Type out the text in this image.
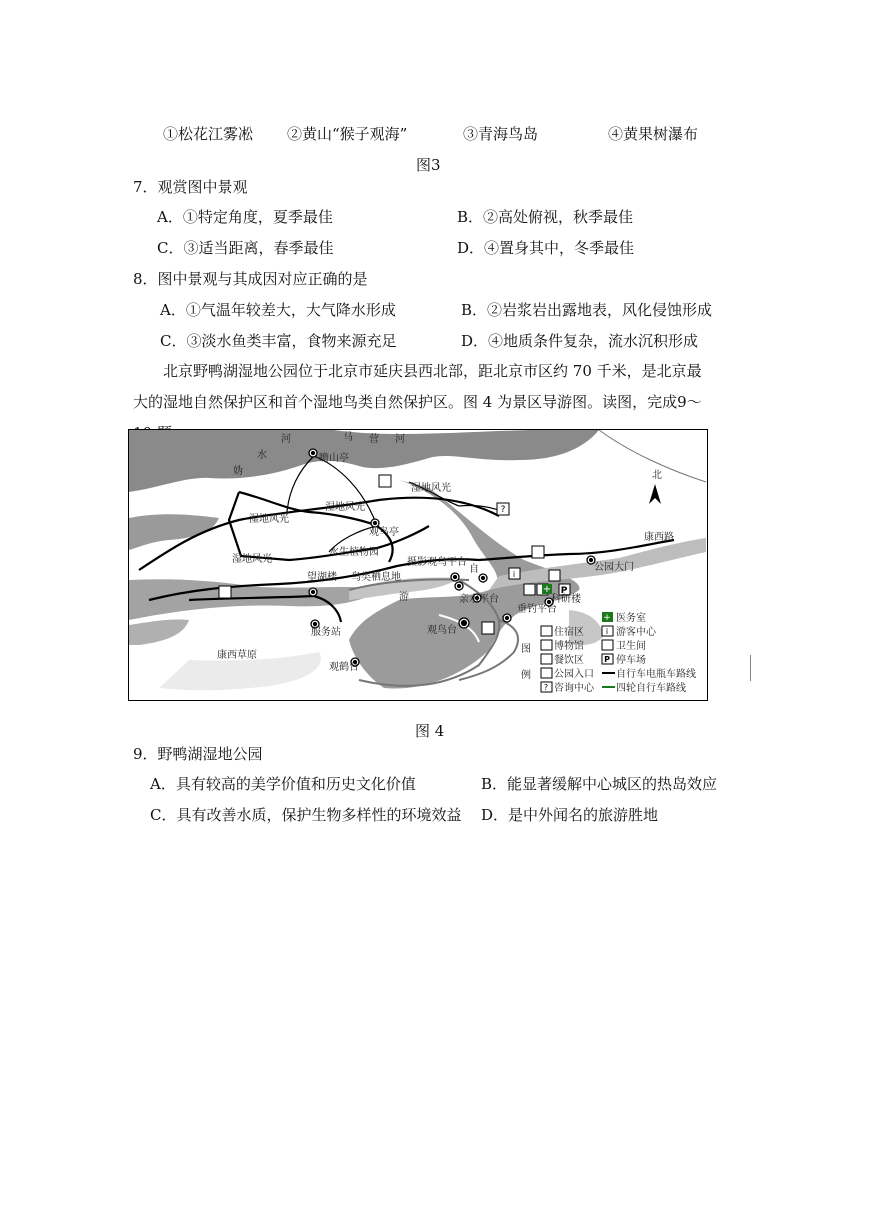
①松花江雾凇 ②黄山“猴子观海”	③青海鸟岛	④黄果树瀑布
图3
7．观赏图中景观
A．①特定角度，夏季最佳	B．②高处俯视，秋季最佳
C．③适当距离，春季最佳	D．④置身其中，冬季最佳
8．图中景观与其成因对应正确的是
A．①气温年较差大，大气降水形成	B．②岩浆岩出露地表，风化侵蚀形成
C．③淡水鱼类丰富，食物来源充足	D．④地质条件复杂，流水沉积形成
北京野鸭湖湿地公园位于北京市延庆县西北部，距北京市区约 70 千米，是北京最大的湿地自然保护区和首个湿地鸟类自然保护区。图 4 为景区导游图。读图，完成9～
+
?
P
i
北
妫
水
河	马 营 河
瞻山亭
湿地风光
湿地风光
湿地风光
湿地风光
观鸟亭
水生植物园
摄影观鸟平台
望湖楼 鸟类栖息地
康西路
公园大门
垂钓平台
科研楼
服务站	观鸟台
观鹤台
康西草原
自
游	亲水平台
图
例
+
i
P
?
住宿区
博物馆
餐饮区
公园入口
咨询中心
医务室
游客中心
卫生间
停车场
自行车电瓶车路线
四轮自行车路线
图 4
9．野鸭湖湿地公园
A．具有较高的美学价值和历史文化价值	B．能显著缓解中心城区的热岛效应
C．具有改善水质，保护生物多样性的环境效益 D．是中外闻名的旅游胜地
